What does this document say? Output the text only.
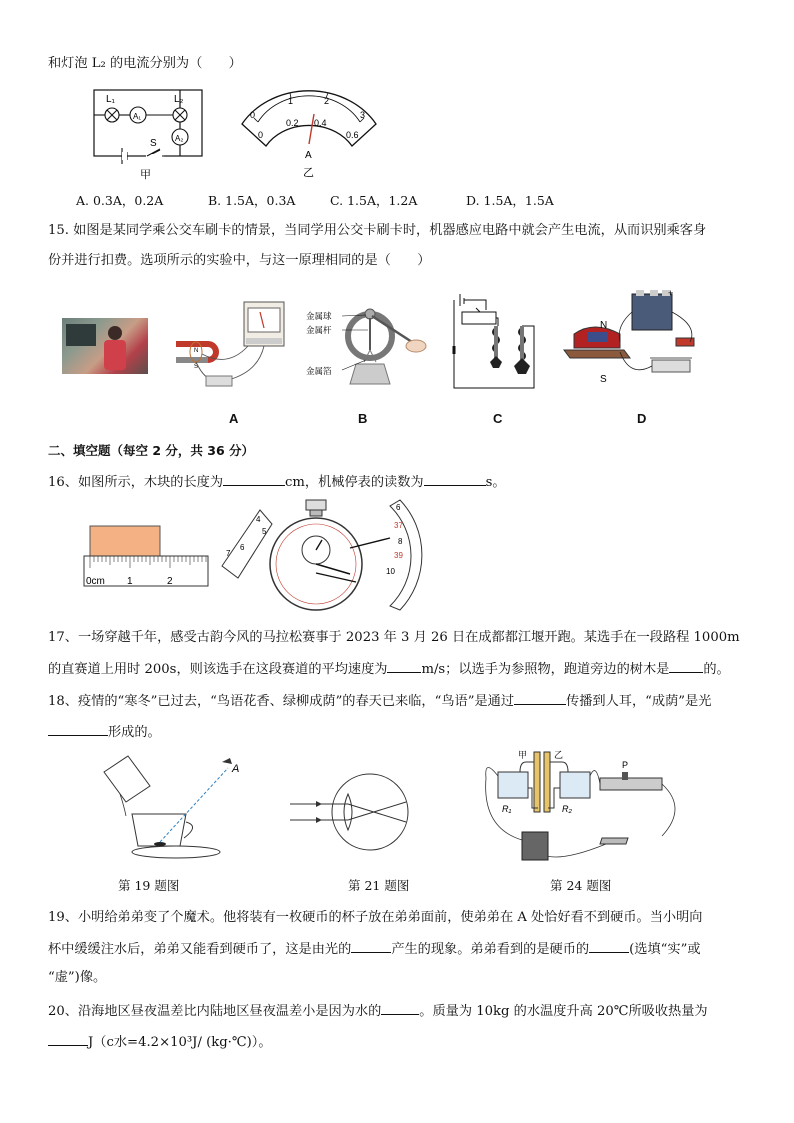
和灯泡 L₂ 的电流分别为（　　）
L₁	L₂
A₁
A₂
S
甲
0
1	2
3
0
0.2 0.4
0.6
A
乙
A. 0.3A，0.2A	B. 1.5A，0.3A	C. 1.5A，1.2A	D. 1.5A，1.5A
15. 如图是某同学乘公交车刷卡的情景，当同学用公交卡刷卡时，机器感应电路中就会产生电流，从而识别乘客身
份并进行扣费。选项所示的实验中，与这一原理相同的是（　　）
N
S
金属球
金属杆
金属箔
+
N
S
A	B	C	D
二、填空题（每空 2 分，共 36 分）
16、如图所示，木块的长度为	cm，机械停表的读数为	s。
0cm 1	2
4
5
7
6
6
37
8
39
10
17、一场穿越千年，感受古韵今风的马拉松赛事于 2023 年 3 月 26 日在成都都江堰开跑。某选手在一段路程 1000m
的直赛道上用时 200s，则该选手在这段赛道的平均速度为	m/s；以选手为参照物，跑道旁边的树木是	的。
18、疫情的“寒冬”已过去，“鸟语花香、绿柳成荫”的春天已来临，“鸟语”是通过	传播到人耳，“成荫”是光
形成的。
A
第 19 题图	第 21 题图
甲	乙
R₁	R₂
P
第 24 题图
19、小明给弟弟变了个魔术。他将装有一枚硬币的杯子放在弟弟面前，使弟弟在 A 处恰好看不到硬币。当小明向
杯中缓缓注水后，弟弟又能看到硬币了，这是由光的	产生的现象。弟弟看到的是硬币的	(选填“实”或
“虚”)像。
20、沿海地区昼夜温差比内陆地区昼夜温差小是因为水的	。质量为 10kg 的水温度升高 20℃所吸收热量为
J（c水=4.2×10³J/ (kg·℃)）。
